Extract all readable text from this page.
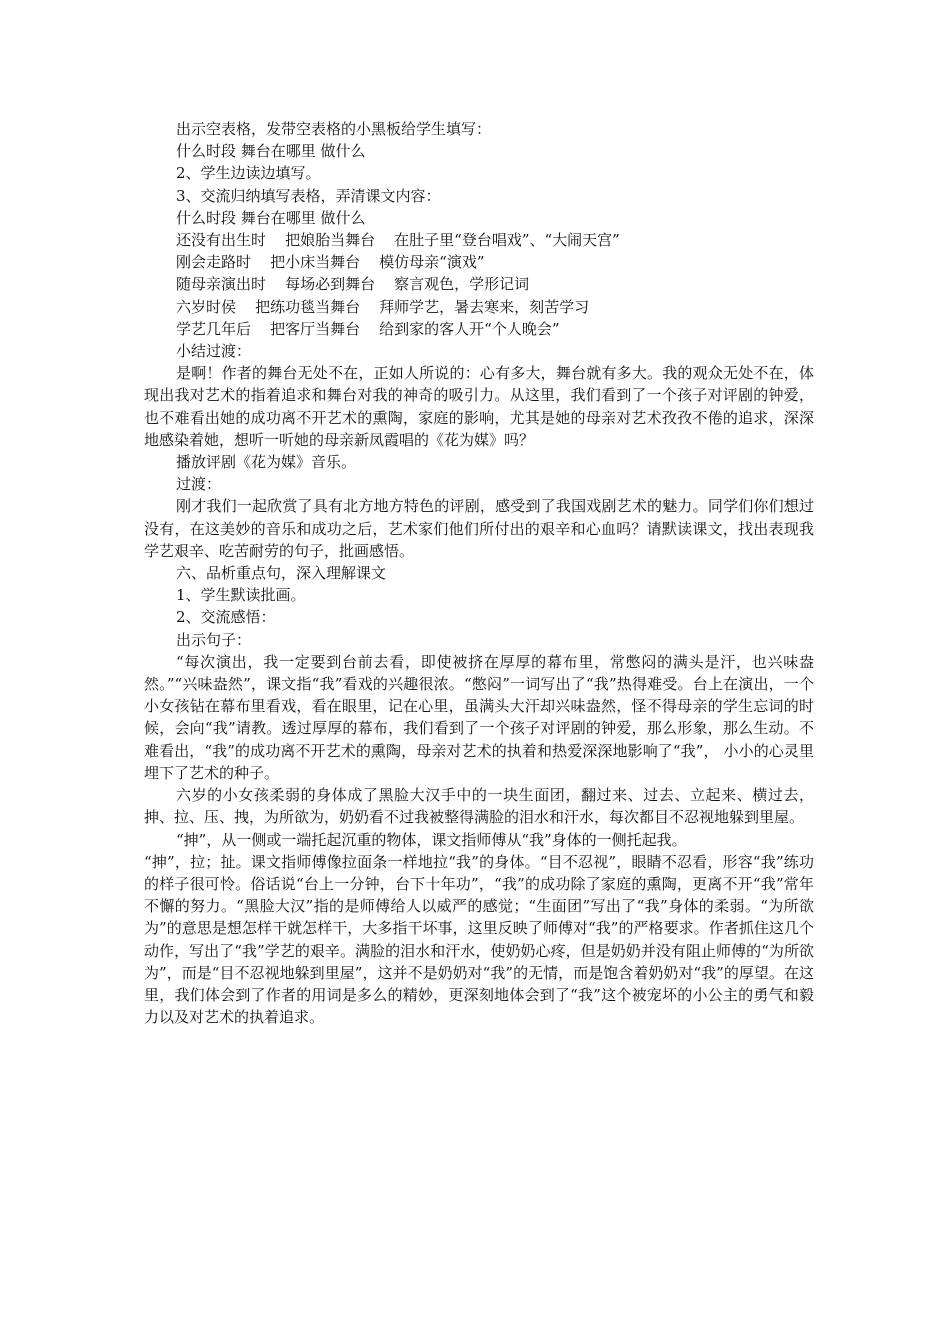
出示空表格，发带空表格的小黑板给学生填写：

什么时段 舞台在哪里 做什么

2、学生边读边填写。

3、交流归纳填写表格，弄清课文内容：

什么时段 舞台在哪里 做什么

还没有出生时    把娘胎当舞台    在肚子里“登台唱戏”、“大闹天宫”

刚会走路时    把小床当舞台    模仿母亲“演戏”

随母亲演出时    每场必到舞台    察言观色，学形记词

六岁时侯    把练功毯当舞台    拜师学艺，暑去寒来，刻苦学习

学艺几年后    把客厅当舞台    给到家的客人开“个人晚会”

小结过渡：

是啊！作者的舞台无处不在，正如人所说的：心有多大，舞台就有多大。我的观众无处不在，体现出我对艺术的指着追求和舞台对我的神奇的吸引力。从这里，我们看到了一个孩子对评剧的钟爱，也不难看出她的成功离不开艺术的熏陶，家庭的影响，尤其是她的母亲对艺术孜孜不倦的追求，深深地感染着她，想听一听她的母亲新凤霞唱的《花为媒》吗？

播放评剧《花为媒》音乐。

过渡：

刚才我们一起欣赏了具有北方地方特色的评剧，感受到了我国戏剧艺术的魅力。同学们你们想过没有，在这美妙的音乐和成功之后，艺术家们他们所付出的艰辛和心血吗？请默读课文，找出表现我学艺艰辛、吃苦耐劳的句子，批画感悟。

六、品析重点句，深入理解课文

1、学生默读批画。

2、交流感悟：

出示句子：

“每次演出，我一定要到台前去看，即使被挤在厚厚的幕布里，常憋闷的满头是汗，也兴味盎然。”“兴味盎然”，课文指“我”看戏的兴趣很浓。“憋闷”一词写出了“我”热得难受。台上在演出，一个小女孩钻在幕布里看戏，看在眼里，记在心里，虽满头大汗却兴味盎然，怪不得母亲的学生忘词的时候，会向“我”请教。透过厚厚的幕布，我们看到了一个孩子对评剧的钟爱，那么形象，那么生动。不难看出，“我”的成功离不开艺术的熏陶，母亲对艺术的执着和热爱深深地影响了“我”， 小小的心灵里埋下了艺术的种子。

六岁的小女孩柔弱的身体成了黑脸大汉手中的一块生面团，翻过来、过去、立起来、横过去，抻、拉、压、拽，为所欲为，奶奶看不过我被整得满脸的泪水和汗水，每次都目不忍视地躲到里屋。

“抻”，从一侧或一端托起沉重的物体，课文指师傅从“我”身体的一侧托起我。

“抻”，拉；扯。课文指师傅像拉面条一样地拉“我”的身体。“目不忍视”，眼睛不忍看，形容“我”练功的样子很可怜。俗话说“台上一分钟，台下十年功”，“我”的成功除了家庭的熏陶，更离不开“我”常年不懈的努力。“黑脸大汉”指的是师傅给人以威严的感觉；“生面团”写出了“我”身体的柔弱。“为所欲为”的意思是想怎样干就怎样干，大多指干坏事，这里反映了师傅对“我”的严格要求。作者抓住这几个动作，写出了“我”学艺的艰辛。满脸的泪水和汗水，使奶奶心疼，但是奶奶并没有阻止师傅的“为所欲为”，而是“目不忍视地躲到里屋”，这并不是奶奶对“我”的无情，而是饱含着奶奶对“我”的厚望。在这里，我们体会到了作者的用词是多么的精妙，更深刻地体会到了“我”这个被宠坏的小公主的勇气和毅力以及对艺术的执着追求。
